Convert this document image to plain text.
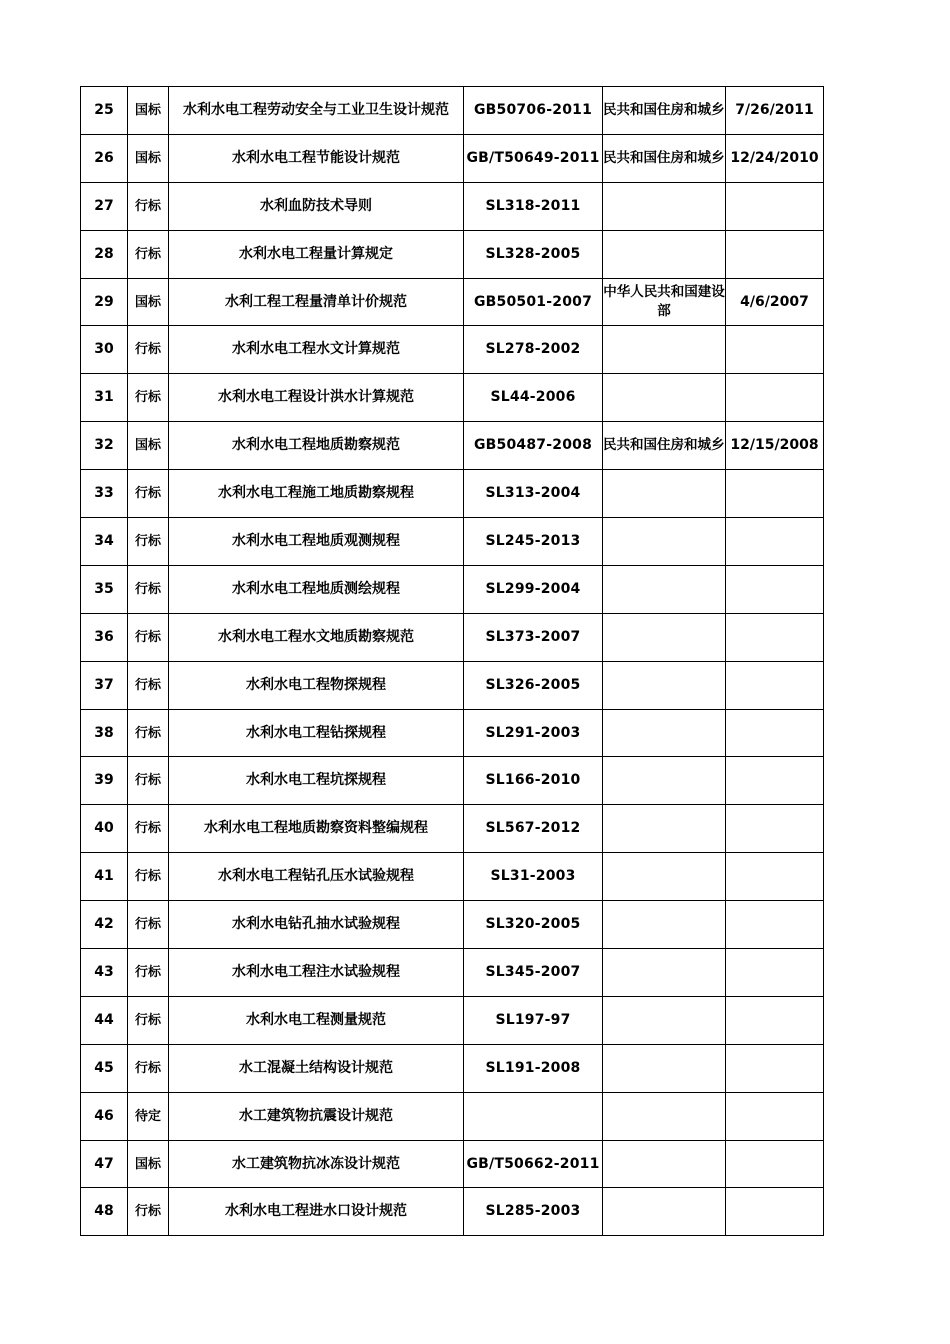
25	国标	水利水电工程劳动安全与工业卫生设计规范	GB50706-2011	民共和国住房和城乡	7/26/2011
26	国标	水利水电工程节能设计规范	GB/T50649-2011	民共和国住房和城乡	12/24/2010
27	行标	水利血防技术导则	SL318-2011		
28	行标	水利水电工程量计算规定	SL328-2005		
29	国标	水利工程工程量清单计价规范	GB50501-2007	中华人民共和国建设部	4/6/2007
30	行标	水利水电工程水文计算规范	SL278-2002		
31	行标	水利水电工程设计洪水计算规范	SL44-2006		
32	国标	水利水电工程地质勘察规范	GB50487-2008	民共和国住房和城乡	12/15/2008
33	行标	水利水电工程施工地质勘察规程	SL313-2004		
34	行标	水利水电工程地质观测规程	SL245-2013		
35	行标	水利水电工程地质测绘规程	SL299-2004		
36	行标	水利水电工程水文地质勘察规范	SL373-2007		
37	行标	水利水电工程物探规程	SL326-2005		
38	行标	水利水电工程钻探规程	SL291-2003		
39	行标	水利水电工程坑探规程	SL166-2010		
40	行标	水利水电工程地质勘察资料整编规程	SL567-2012		
41	行标	水利水电工程钻孔压水试验规程	SL31-2003		
42	行标	水利水电钻孔抽水试验规程	SL320-2005		
43	行标	水利水电工程注水试验规程	SL345-2007		
44	行标	水利水电工程测量规范	SL197-97		
45	行标	水工混凝土结构设计规范	SL191-2008		
46	待定	水工建筑物抗震设计规范			
47	国标	水工建筑物抗冰冻设计规范	GB/T50662-2011		
48	行标	水利水电工程进水口设计规范	SL285-2003		
